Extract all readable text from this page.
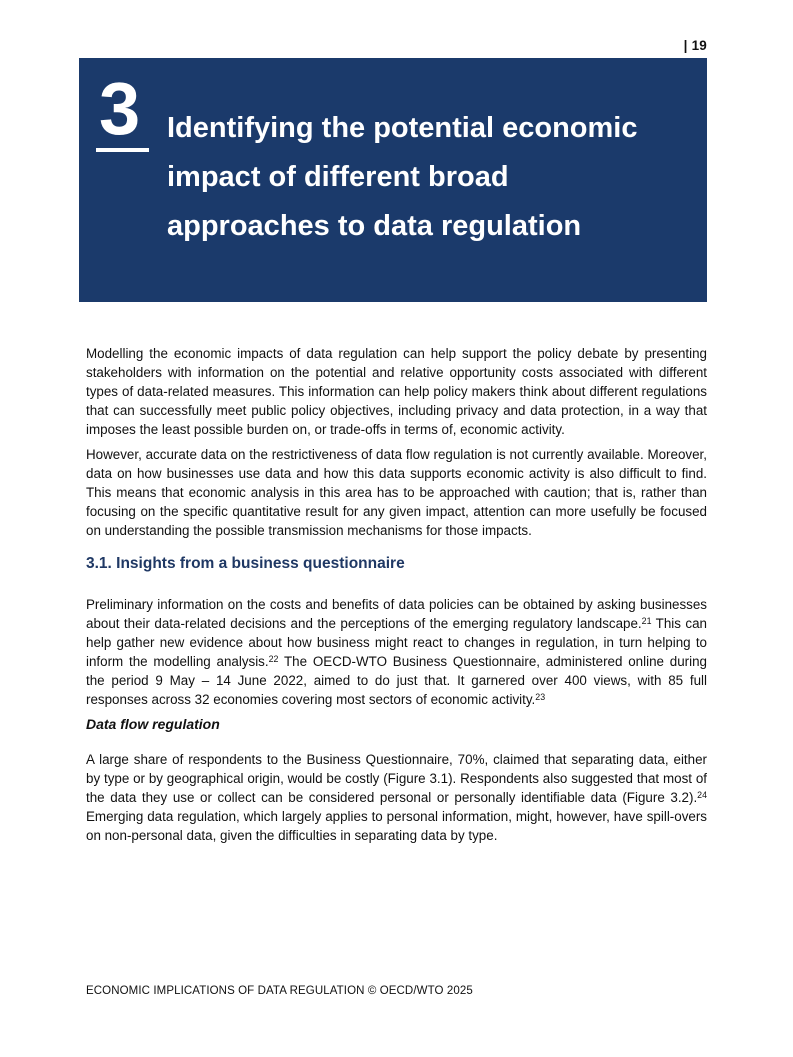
| 19
3 Identifying the potential economic
impact of different broad
approaches to data regulation

Modelling the economic impacts of data regulation can help support the policy debate by presenting stakeholders with information on the potential and relative opportunity costs associated with different types of data-related measures. This information can help policy makers think about different regulations that can successfully meet public policy objectives, including privacy and data protection, in a way that imposes the least possible burden on, or trade-offs in terms of, economic activity.

However, accurate data on the restrictiveness of data flow regulation is not currently available. Moreover, data on how businesses use data and how this data supports economic activity is also difficult to find. This means that economic analysis in this area has to be approached with caution; that is, rather than focusing on the specific quantitative result for any given impact, attention can more usefully be focused on understanding the possible transmission mechanisms for those impacts.

3.1. Insights from a business questionnaire

Preliminary information on the costs and benefits of data policies can be obtained by asking businesses about their data-related decisions and the perceptions of the emerging regulatory landscape.$^{21}$ This can help gather new evidence about how business might react to changes in regulation, in turn helping to inform the modelling analysis.$^{22}$ The OECD-WTO Business Questionnaire, administered online during the period 9 May – 14 June 2022, aimed to do just that. It garnered over 400 views, with 85 full responses across 32 economies covering most sectors of economic activity.$^{23}$

Data flow regulation

A large share of respondents to the Business Questionnaire, 70%, claimed that separating data, either by type or by geographical origin, would be costly (Figure 3.1). Respondents also suggested that most of the data they use or collect can be considered personal or personally identifiable data (Figure 3.2).$^{24}$ Emerging data regulation, which largely applies to personal information, might, however, have spill-overs on non-personal data, given the difficulties in separating data by type.

ECONOMIC IMPLICATIONS OF DATA REGULATION © OECD/WTO 2025
